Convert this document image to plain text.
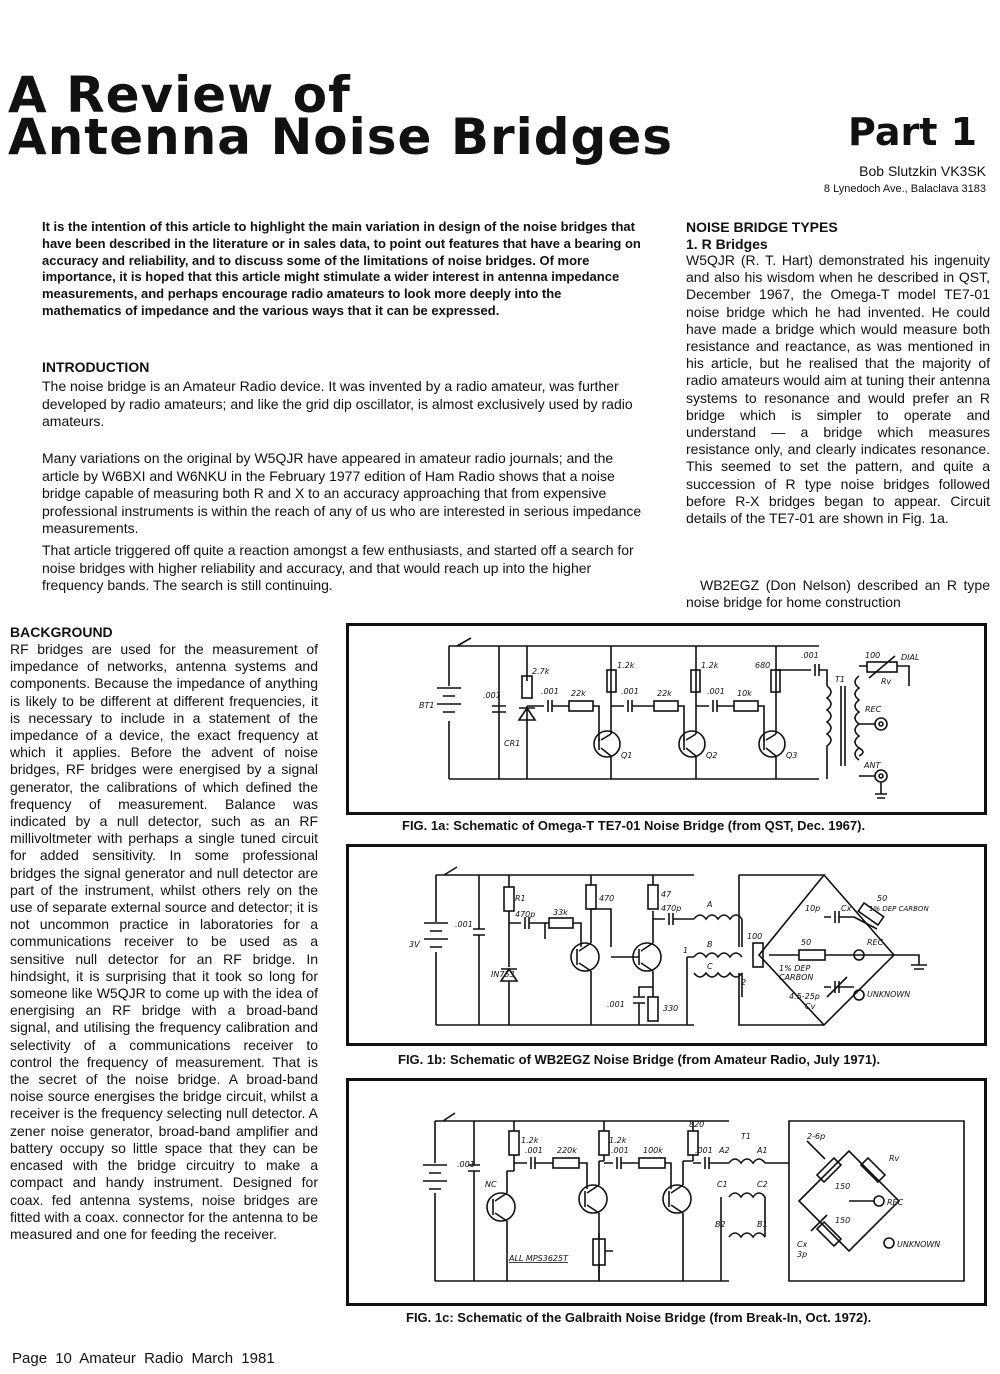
A Review of
Antenna Noise Bridges	Part 1
Bob Slutzkin VK3SK
8 Lynedoch Ave., Balaclava 3183
It is the intention of this article to highlight the main variation in design of the noise bridges that have been described in the literature or in sales data, to point out features that have a bearing on accuracy and reliability, and to discuss some of the limitations of noise bridges. Of more importance, it is hoped that this article might stimulate a wider interest in antenna impedance measurements, and perhaps encourage radio amateurs to look more deeply into the mathematics of impedance and the various ways that it can be expressed.
INTRODUCTION
The noise bridge is an Amateur Radio device. It was invented by a radio amateur, was further developed by radio amateurs; and like the grid dip oscillator, is almost exclusively used by radio amateurs.
Many variations on the original by W5QJR have appeared in amateur radio journals; and the article by W6BXI and W6NKU in the February 1977 edition of Ham Radio shows that a noise bridge capable of measuring both R and X to an accuracy approaching that from expensive professional instruments is within the reach of any of us who are interested in serious impedance measurements.
That article triggered off quite a reaction amongst a few enthusiasts, and started off a search for noise bridges with higher reliability and accuracy, and that would reach up into the higher frequency bands. The search is still continuing.
NOISE BRIDGE TYPES
1. R Bridges
W5QJR (R. T. Hart) demonstrated his ingenuity and also his wisdom when he described in QST, December 1967, the Omega-T model TE7-01 noise bridge which he had invented. He could have made a bridge which would measure both resistance and reactance, as was mentioned in his article, but he realised that the majority of radio amateurs would aim at tuning their antenna systems to resonance and would prefer an R bridge which is simpler to operate and understand — a bridge which measures resistance only, and clearly indicates resonance. This seemed to set the pattern, and quite a succession of R type noise bridges followed before R-X bridges began to appear. Circuit details of the TE7-01 are shown in Fig. 1a.
WB2EGZ (Don Nelson) described an R type noise bridge for home construction
BACKGROUND
RF bridges are used for the measurement of impedance of networks, antenna systems and components. Because the impedance of anything is likely to be different at different frequencies, it is necessary to include in a statement of the impedance of a device, the exact frequency at which it applies. Before the advent of noise bridges, RF bridges were energised by a signal generator, the calibrations of which defined the frequency of measurement. Balance was indicated by a null detector, such as an RF millivoltmeter with perhaps a single tuned circuit for added sensitivity. In some professional bridges the signal generator and null detector are part of the instrument, whilst others rely on the use of separate external source and detector; it is not uncommon practice in laboratories for a communications receiver to be used as a sensitive null detector for an RF bridge. In hindsight, it is surprising that it took so long for someone like W5QJR to come up with the idea of energising an RF bridge with a broad-band signal, and utilising the frequency calibration and selectivity of a communications receiver to control the frequency of measurement. That is the secret of the noise bridge. A broad-band noise source energises the bridge circuit, whilst a receiver is the frequency selecting null detector. A zener noise generator, broad-band amplifier and battery occupy so little space that they can be encased with the bridge circuitry to make a compact and handy instrument. Designed for coax. fed antenna systems, noise bridges are fitted with a coax. connector for the antenna to be measured and one for feeding the receiver.
BT1
.001
2.7k
.001 22k
1.2k
.001 22k
1.2k
.001 10k
680
.001	100	DIAL
Rv
T1
CR1
Q1	Q2	Q3
REC
ANT
FIG. 1a: Schematic of Omega-T TE7-01 Noise Bridge (from QST, Dec. 1967).
3V
.001
R1
470p 33k
470	47
470p
IN753
.001	330
A
B
C
1
2
100
50
1% DEP
CARBON
10p	Cx
50
1% DEP CARBON
4.5-25p
Cv
REC
UNKNOWN
FIG. 1b: Schematic of WB2EGZ Noise Bridge (from Amateur Radio, July 1971).
.001
1.2k
.001 220k
1.2k
.001 100k
820
.001
T1
A2	A1
C1	C2
B2	B1
NC
ALL MPS3625T
2-6p
150
Rv
150
Cx
3p
REC
UNKNOWN
FIG. 1c: Schematic of the Galbraith Noise Bridge (from Break-In, Oct. 1972).
Page 10 Amateur Radio March 1981
